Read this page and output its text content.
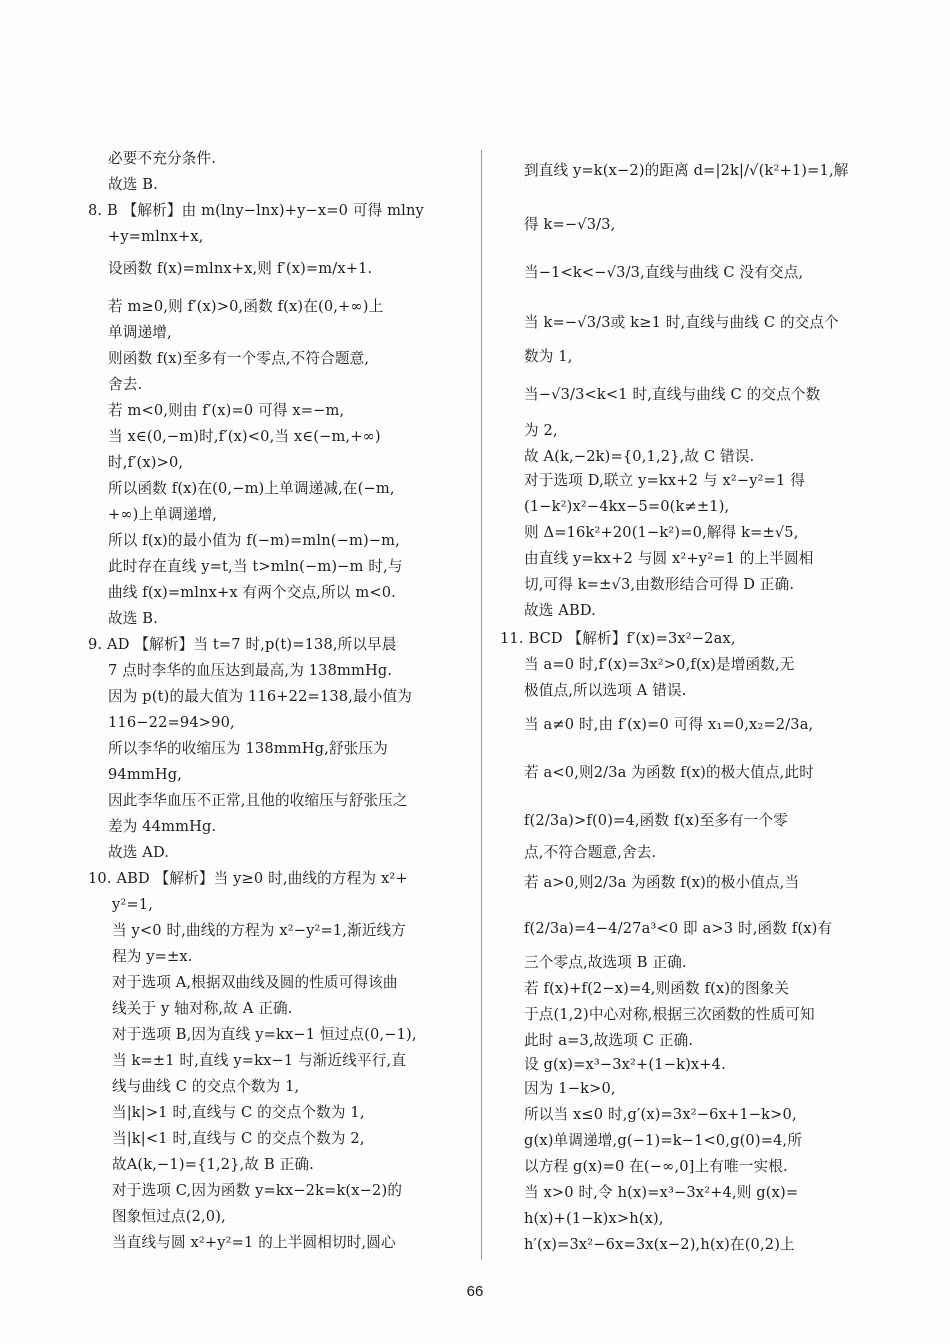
必要不充分条件.
故选 B.
8. B 【解析】由 m(lny−lnx)+y−x=0 可得 mlny
+y=mlnx+x,
设函数 f(x)=mlnx+x,则 f′(x)=m/x+1.
若 m≥0,则 f′(x)>0,函数 f(x)在(0,+∞)上
单调递增,
则函数 f(x)至多有一个零点,不符合题意,
舍去.
若 m<0,则由 f′(x)=0 可得 x=−m,
当 x∈(0,−m)时,f′(x)<0,当 x∈(−m,+∞)
时,f′(x)>0,
所以函数 f(x)在(0,−m)上单调递减,在(−m,
+∞)上单调递增,
所以 f(x)的最小值为 f(−m)=mln(−m)−m,
此时存在直线 y=t,当 t>mln(−m)−m 时,与
曲线 f(x)=mlnx+x 有两个交点,所以 m<0.
故选 B.
9. AD 【解析】当 t=7 时,p(t)=138,所以早晨
7 点时李华的血压达到最高,为 138mmHg.
因为 p(t)的最大值为 116+22=138,最小值为
116−22=94>90,
所以李华的收缩压为 138mmHg,舒张压为
94mmHg,
因此李华血压不正常,且他的收缩压与舒张压之
差为 44mmHg.
故选 AD.
10. ABD 【解析】当 y≥0 时,曲线的方程为 x²+
y²=1,
当 y<0 时,曲线的方程为 x²−y²=1,渐近线方
程为 y=±x.
对于选项 A,根据双曲线及圆的性质可得该曲
线关于 y 轴对称,故 A 正确.
对于选项 B,因为直线 y=kx−1 恒过点(0,−1),
当 k=±1 时,直线 y=kx−1 与渐近线平行,直
线与曲线 C 的交点个数为 1,
当|k|>1 时,直线与 C 的交点个数为 1,
当|k|<1 时,直线与 C 的交点个数为 2,
故A(k,−1)={1,2},故 B 正确.
对于选项 C,因为函数 y=kx−2k=k(x−2)的
图象恒过点(2,0),
当直线与圆 x²+y²=1 的上半圆相切时,圆心
到直线 y=k(x−2)的距离 d=|2k|/√(k²+1)=1,解
得 k=−√3/3,
当−1<k<−√3/3,直线与曲线 C 没有交点,
当 k=−√3/3或 k≥1 时,直线与曲线 C 的交点个
数为 1,
当−√3/3<k<1 时,直线与曲线 C 的交点个数
为 2,
故 A(k,−2k)={0,1,2},故 C 错误.
对于选项 D,联立 y=kx+2 与 x²−y²=1 得
(1−k²)x²−4kx−5=0(k≠±1),
则 Δ=16k²+20(1−k²)=0,解得 k=±√5,
由直线 y=kx+2 与圆 x²+y²=1 的上半圆相
切,可得 k=±√3,由数形结合可得 D 正确.
故选 ABD.
11. BCD 【解析】f′(x)=3x²−2ax,
当 a=0 时,f′(x)=3x²>0,f(x)是增函数,无
极值点,所以选项 A 错误.
当 a≠0 时,由 f′(x)=0 可得 x₁=0,x₂=2/3a,
若 a<0,则2/3a 为函数 f(x)的极大值点,此时
f(2/3a)>f(0)=4,函数 f(x)至多有一个零
点,不符合题意,舍去.
若 a>0,则2/3a 为函数 f(x)的极小值点,当
f(2/3a)=4−4/27a³<0 即 a>3 时,函数 f(x)有
三个零点,故选项 B 正确.
若 f(x)+f(2−x)=4,则函数 f(x)的图象关
于点(1,2)中心对称,根据三次函数的性质可知
此时 a=3,故选项 C 正确.
设 g(x)=x³−3x²+(1−k)x+4.
因为 1−k>0,
所以当 x≤0 时,g′(x)=3x²−6x+1−k>0,
g(x)单调递增,g(−1)=k−1<0,g(0)=4,所
以方程 g(x)=0 在(−∞,0]上有唯一实根.
当 x>0 时,令 h(x)=x³−3x²+4,则 g(x)=
h(x)+(1−k)x>h(x),
h′(x)=3x²−6x=3x(x−2),h(x)在(0,2)上
66
